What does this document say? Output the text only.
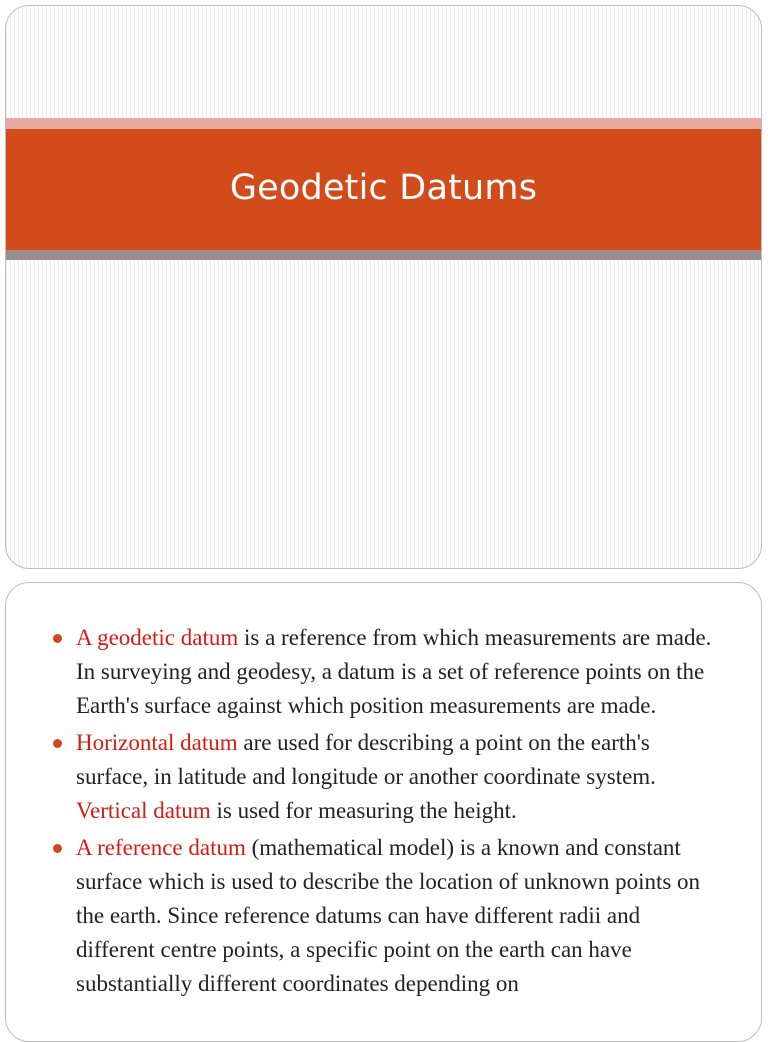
Geodetic Datums
A geodetic datum is a reference from which measurements are made. In surveying and geodesy, a datum is a set of reference points on the Earth's surface against which position measurements are made.
Horizontal datum are used for describing a point on the earth's surface, in latitude and longitude or another coordinate system. Vertical datum is used for measuring the height.
A reference datum (mathematical model) is a known and constant surface which is used to describe the location of unknown points on the earth. Since reference datums can have different radii and different centre points, a specific point on the earth can have substantially different coordinates depending on
